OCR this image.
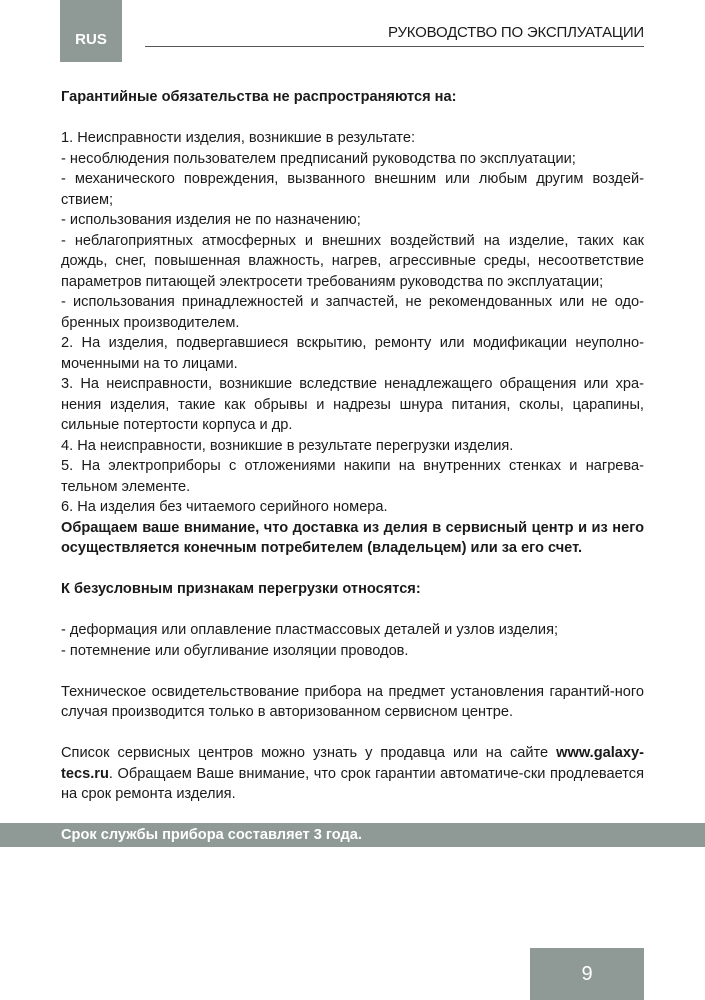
RUS	РУКОВОДСТВО ПО ЭКСПЛУАТАЦИИ

Гарантийные обязательства не распространяются на:

1. Неисправности изделия, возникшие в результате:

- несоблюдения пользователем предписаний руководства по эксплуатации;

- механического повреждения, вызванного внешним или любым другим воздей-ствием;

- использования изделия не по назначению;

- неблагоприятных атмосферных и внешних воздействий на изделие, таких как дождь, снег, повышенная влажность, нагрев, агрессивные среды, несоответствие параметров питающей электросети требованиям руководства по эксплуатации;

- использования принадлежностей и запчастей, не рекомендованных или не одо-бренных производителем.

2. На изделия, подвергавшиеся вскрытию, ремонту или модификации неуполно-моченными на то лицами.

3. На неисправности, возникшие вследствие ненадлежащего обращения или хра-нения изделия, такие как обрывы и надрезы шнура питания, сколы, царапины, сильные потертости корпуса и др.

4. На неисправности, возникшие в результате перегрузки изделия.

5. На электроприборы с отложениями накипи на внутренних стенках и нагрева-тельном элементе.

6. На изделия без читаемого серийного номера.

Обращаем ваше внимание, что доставка из делия в сервисный центр и из него осуществляется конечным потребителем (владельцем) или за его счет.

К безусловным признакам перегрузки относятся:

- деформация или оплавление пластмассовых деталей и узлов изделия;

- потемнение или обугливание изоляции проводов.

Техническое освидетельствование прибора на предмет установления гарантий-ного случая производится только в авторизованном сервисном центре.

Список сервисных центров можно узнать у продавца или на сайте www.galaxy-tecs.ru. Обращаем Ваше внимание, что срок гарантии автоматиче-ски продлевается на срок ремонта изделия.

Срок службы прибора составляет 3 года.
9
